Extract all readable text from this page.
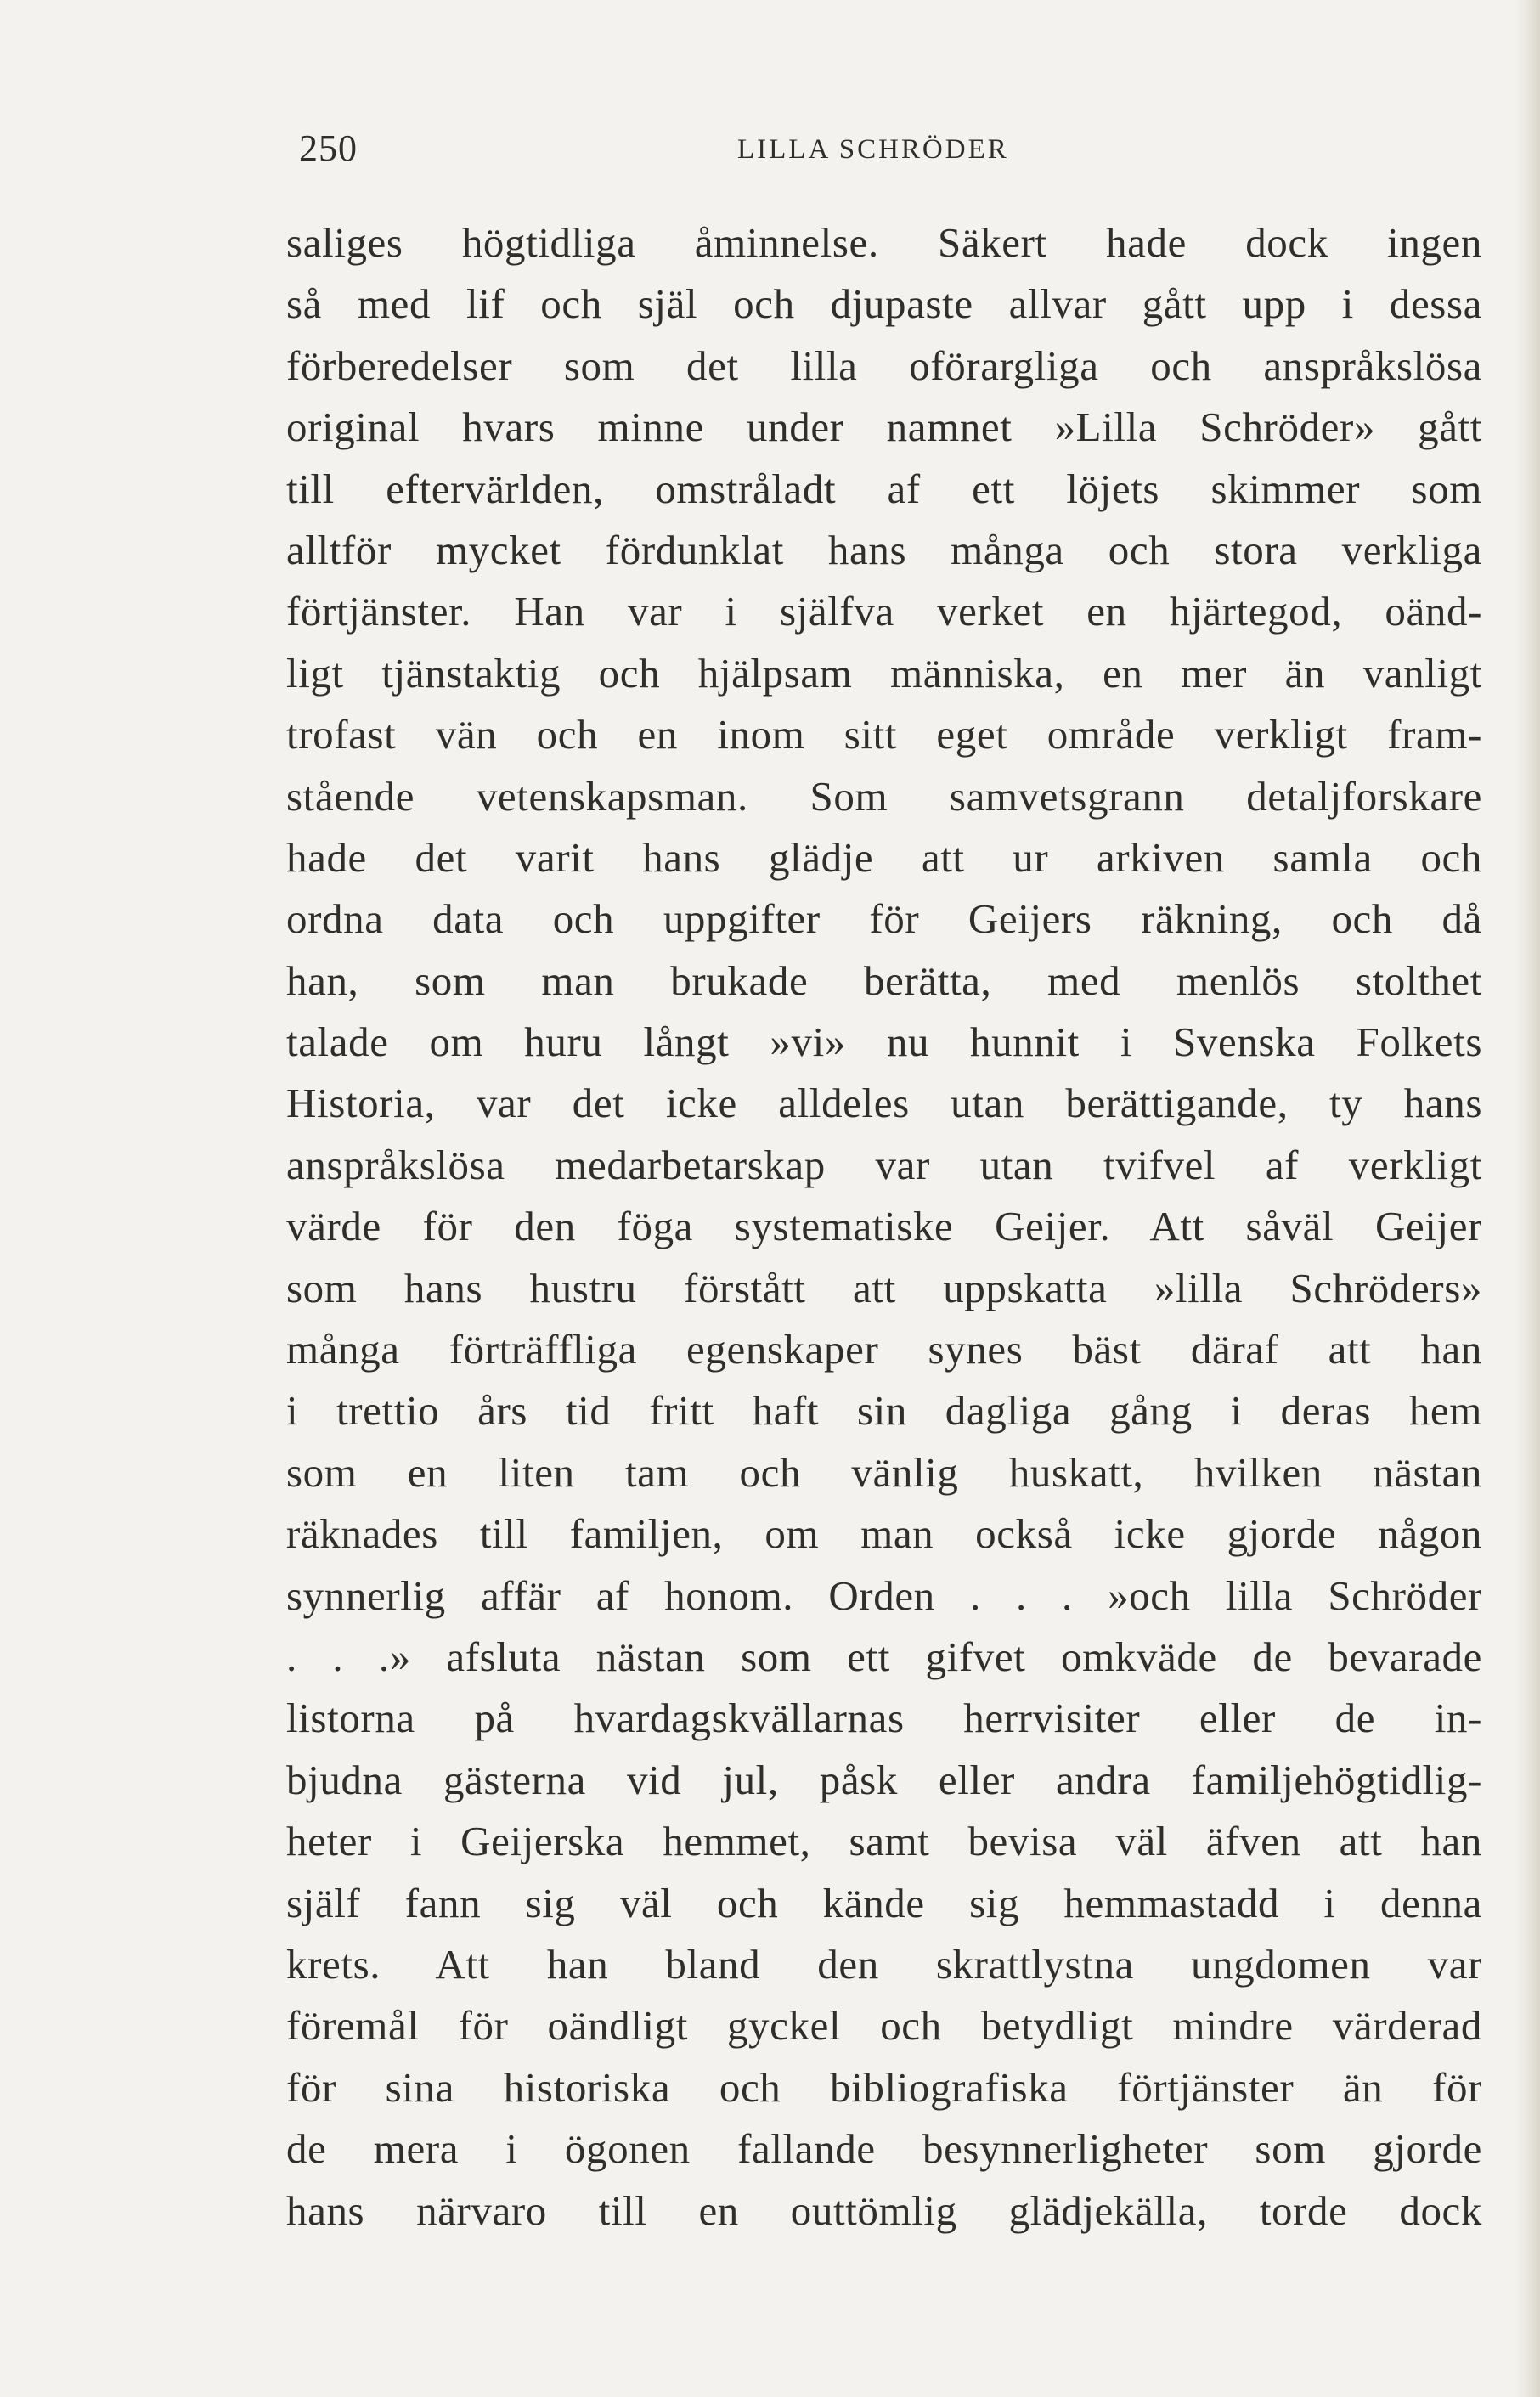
250	LILLA SCHRÖDER
saliges högtidliga åminnelse. Säkert hade dock ingen
så med lif och själ och djupaste allvar gått upp i dessa
förberedelser som det lilla oförargliga och anspråkslösa
original hvars minne under namnet »Lilla Schröder» gått
till eftervärlden, omstråladt af ett löjets skimmer som
alltför mycket fördunklat hans många och stora verkliga
förtjänster. Han var i själfva verket en hjärtegod, oänd-
ligt tjänstaktig och hjälpsam människa, en mer än vanligt
trofast vän och en inom sitt eget område verkligt fram-
stående vetenskapsman. Som samvetsgrann detaljforskare
hade det varit hans glädje att ur arkiven samla och
ordna data och uppgifter för Geijers räkning, och då
han, som man brukade berätta, med menlös stolthet
talade om huru långt »vi» nu hunnit i Svenska Folkets
Historia, var det icke alldeles utan berättigande, ty hans
anspråkslösa medarbetarskap var utan tvifvel af verkligt
värde för den föga systematiske Geijer. Att såväl Geijer
som hans hustru förstått att uppskatta »lilla Schröders»
många förträffliga egenskaper synes bäst däraf att han
i trettio års tid fritt haft sin dagliga gång i deras hem
som en liten tam och vänlig huskatt, hvilken nästan
räknades till familjen, om man också icke gjorde någon
synnerlig affär af honom. Orden . . . »och lilla Schröder
. . .» afsluta nästan som ett gifvet omkväde de bevarade
listorna på hvardagskvällarnas herrvisiter eller de in-
bjudna gästerna vid jul, påsk eller andra familjehögtidlig-
heter i Geijerska hemmet, samt bevisa väl äfven att han
själf fann sig väl och kände sig hemmastadd i denna
krets. Att han bland den skrattlystna ungdomen var
föremål för oändligt gyckel och betydligt mindre värderad
för sina historiska och bibliografiska förtjänster än för
de mera i ögonen fallande besynnerligheter som gjorde
hans närvaro till en outtömlig glädjekälla, torde dock
